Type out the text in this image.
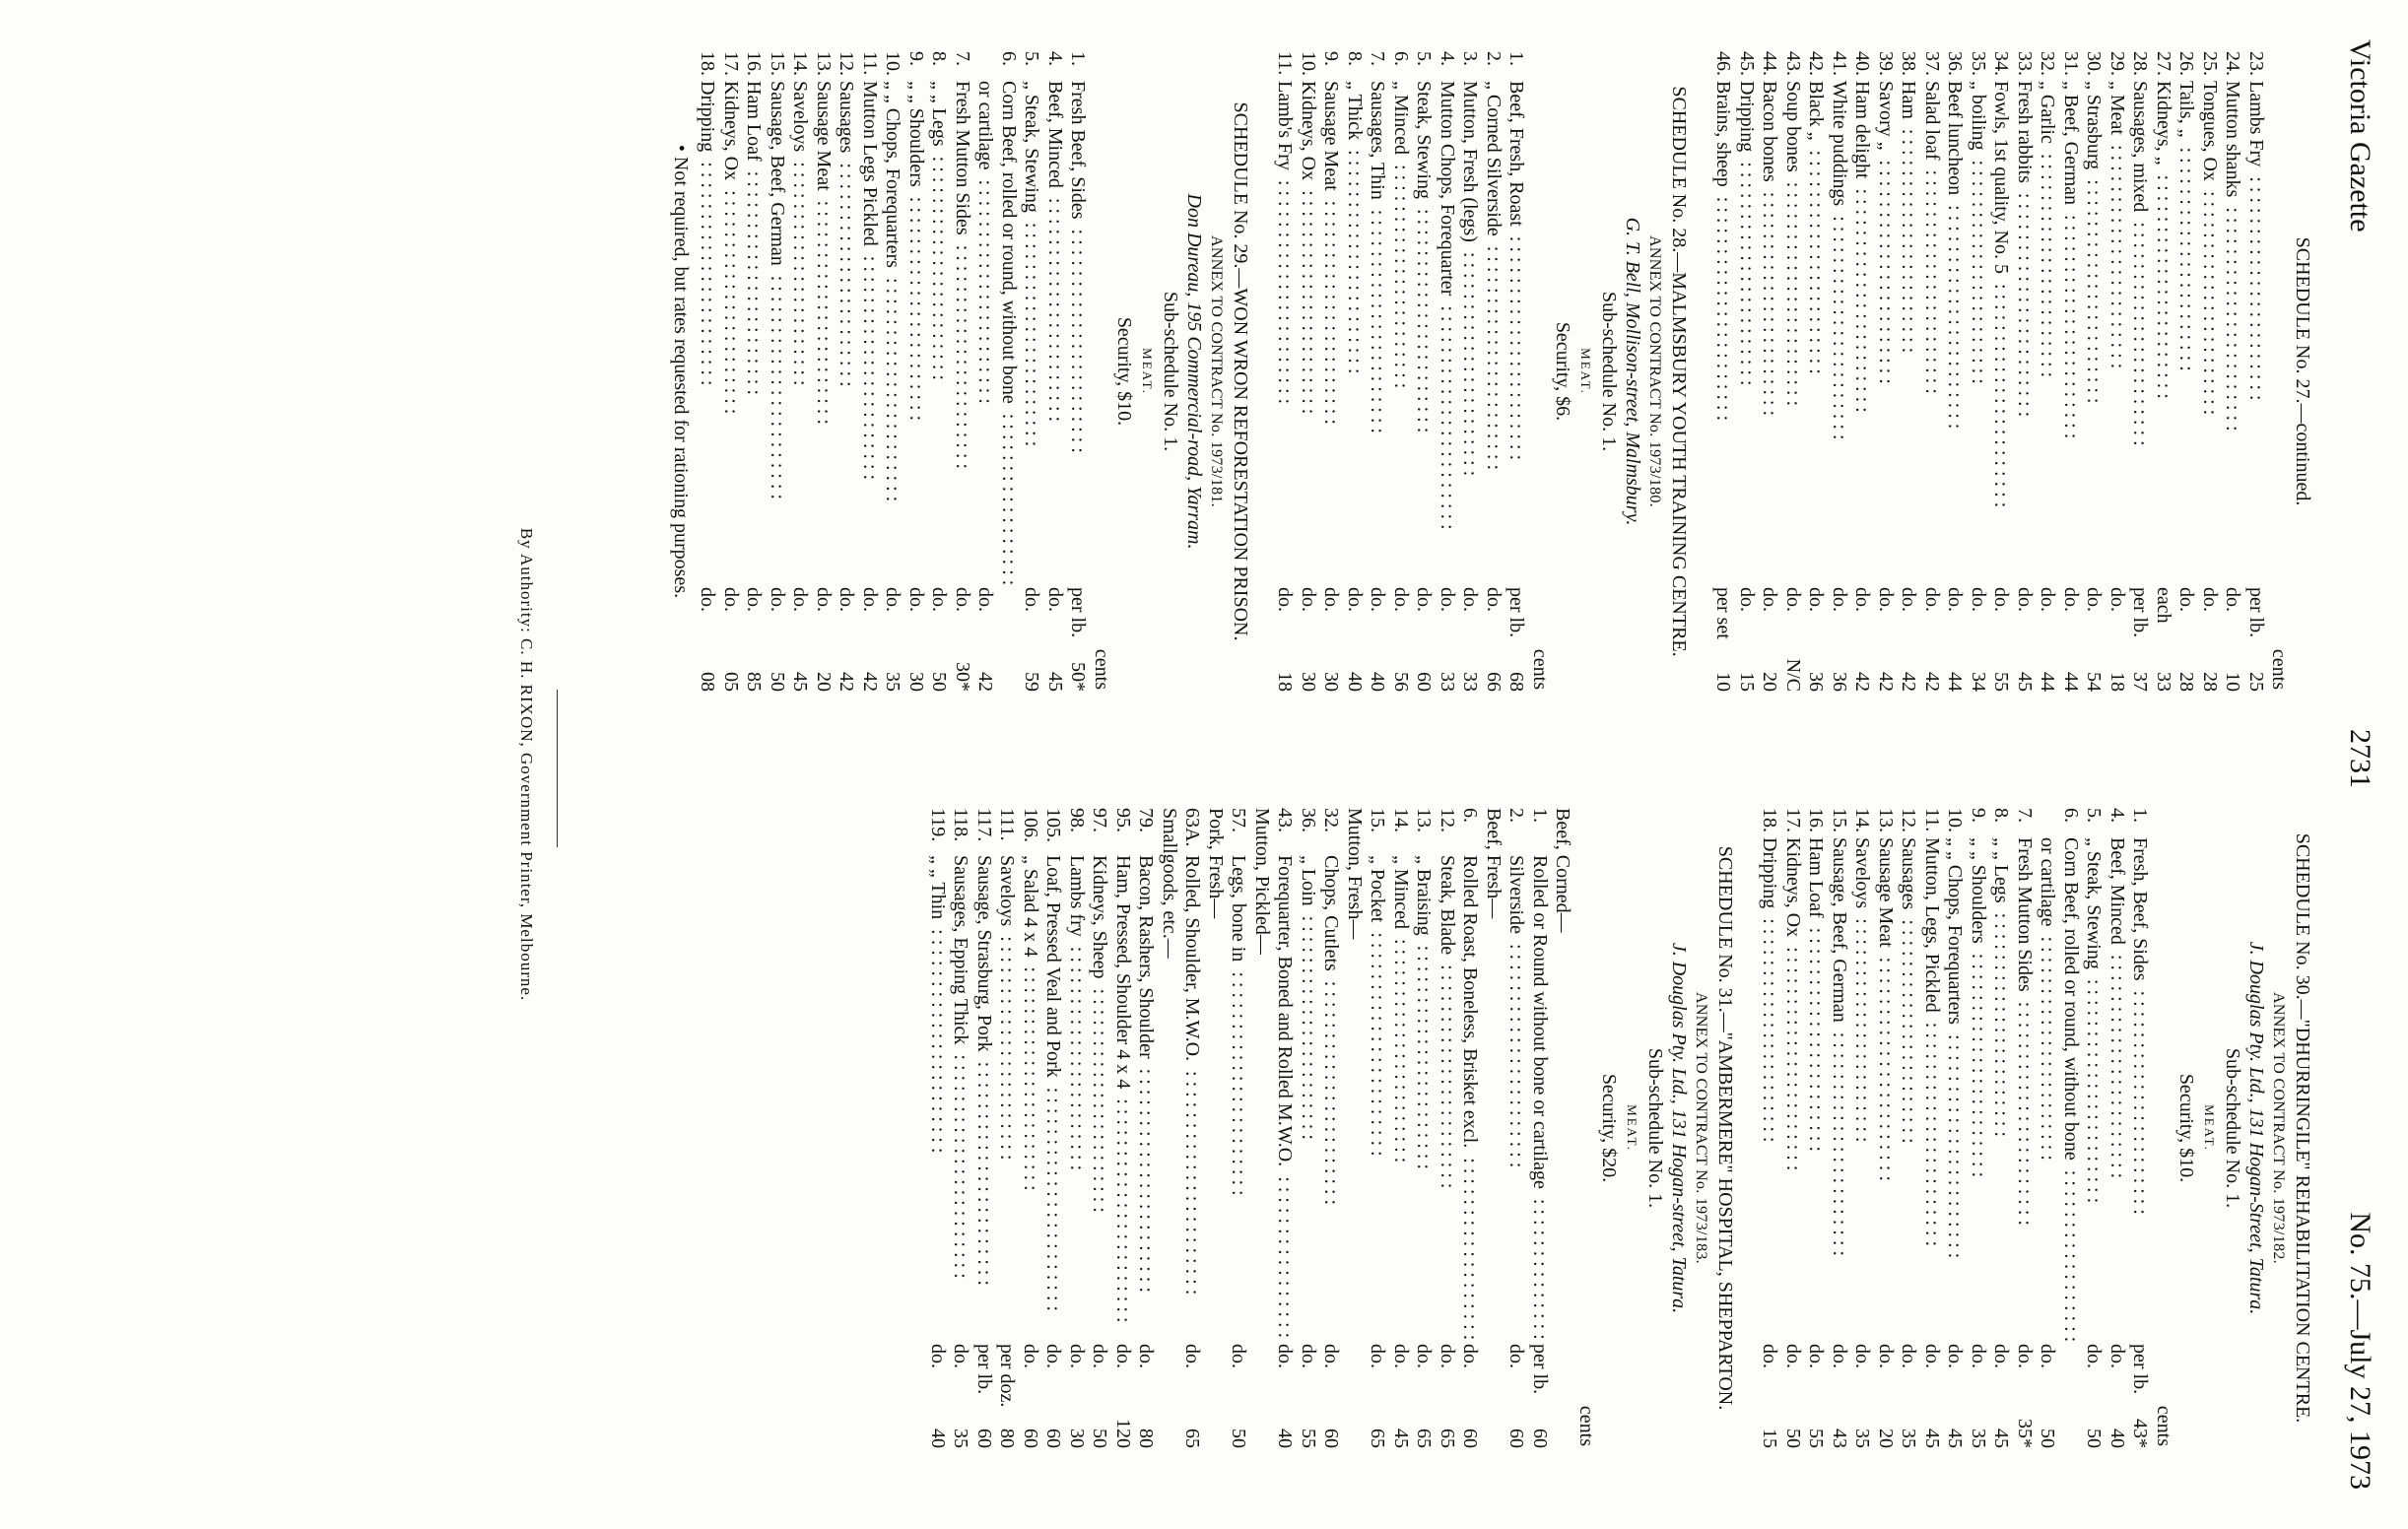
Victoria Gazette
2731
No. 75.—July 27, 1973
SCHEDULE No. 27.—continued.
cents
23.
Lambs Fry : : : : : : : : : : : : : : : : : : : : : :
per lb.
25
24.
Mutton shanks : : : : : : : : : : : : : : : : : : : : : :
do.
10
25.
Tongues, Ox : : : : : : : : : : : : : : : : : : : : : :
do.
28
26.
Tails, „ : : : : : : : : : : : : : : : : : : : : : :
do.
28
27.
Kidneys, „ : : : : : : : : : : : : : : : : : : : : : :
each
33
28.
Sausages, mixed : : : : : : : : : : : : : : : : : : : : : :
per lb.
37
29.
„ Meat : : : : : : : : : : : : : : : : : : : : : :
do.
18
30.
„ Strasburg : : : : : : : : : : : : : : : : : : : : : :
do.
54
31.
„ Beef, German : : : : : : : : : : : : : : : : : : : : : :
do.
44
32.
„ Garlic : : : : : : : : : : : : : : : : : : : : : :
do.
44
33.
Fresh rabbits : : : : : : : : : : : : : : : : : : : : : :
do.
45
34.
Fowls, 1st quality, No. 5 : : : : : : : : : : : : : : : : : : : : : :
do.
55
35.
„ boiling : : : : : : : : : : : : : : : : : : : : : :
do.
34
36.
Beef luncheon : : : : : : : : : : : : : : : : : : : : : :
do.
44
37.
Salad loaf : : : : : : : : : : : : : : : : : : : : : :
do.
42
38.
Ham : : : : : : : : : : : : : : : : : : : : : :
do.
42
39.
Savory „ : : : : : : : : : : : : : : : : : : : : : :
do.
42
40.
Ham delight : : : : : : : : : : : : : : : : : : : : : :
do.
42
41.
White puddings : : : : : : : : : : : : : : : : : : : : : :
do.
36
42.
Black „ : : : : : : : : : : : : : : : : : : : : : :
do.
36
43.
Soup bones : : : : : : : : : : : : : : : : : : : : : :
do.
N/C
44.
Bacon bones : : : : : : : : : : : : : : : : : : : : : :
do.
20
45.
Dripping : : : : : : : : : : : : : : : : : : : : : :
do.
15
46.
Brains, sheep : : : : : : : : : : : : : : : : : : : : : :
per set
10
SCHEDULE No. 28.—MALMSBURY YOUTH TRAINING CENTRE.
ANNEX TO CONTRACT No. 1973/180.
G. T. Bell, Mollison-street, Malmsbury.
Sub-schedule No. 1.
MEAT.
Security, $6.
cents
1.
Beef, Fresh, Roast : : : : : : : : : : : : : : : : : : : : : :
per lb.
68
2.
„ Corned Silverside : : : : : : : : : : : : : : : : : : : : : :
do.
66
3.
Mutton, Fresh (legs) : : : : : : : : : : : : : : : : : : : : : :
do.
33
4.
Mutton Chops, Forequarter : : : : : : : : : : : : : : : : : : : : : :
do.
33
5.
Steak, Stewing : : : : : : : : : : : : : : : : : : : : : :
do.
60
6.
„ Minced : : : : : : : : : : : : : : : : : : : : : :
do.
56
7.
Sausages, Thin : : : : : : : : : : : : : : : : : : : : : :
do.
40
8.
„ Thick : : : : : : : : : : : : : : : : : : : : : :
do.
40
9.
Sausage Meat : : : : : : : : : : : : : : : : : : : : : :
do.
30
10.
Kidneys, Ox : : : : : : : : : : : : : : : : : : : : : :
do.
30
11.
Lamb's Fry : : : : : : : : : : : : : : : : : : : : : :
do.
18
SCHEDULE No. 29.—WON WRON REFORESTATION PRISON.
ANNEX TO CONTRACT No. 1973/181.
Don Dureau, 195 Commercial-road, Yarram.
Sub-schedule No. 1.
MEAT.
Security, $10.
cents
1.
Fresh Beef, Sides : : : : : : : : : : : : : : : : : : : : : :
per lb.
50*
4.
Beef, Minced : : : : : : : : : : : : : : : : : : : : : :
do.
45
5.
„ Steak, Stewing : : : : : : : : : : : : : : : : : : : : : :
do.
59
6.
Corn Beef, rolled or round, without bone : : : : : : : : : : : : : : : : : : : : : :
or cartilage : : : : : : : : : : : : : : : : : : : : : :
do.
42
7.
Fresh Mutton Sides : : : : : : : : : : : : : : : : : : : : : :
do.
30*
8.
„ „ Legs : : : : : : : : : : : : : : : : : : : : : :
do.
50
9.
„ „ Shoulders : : : : : : : : : : : : : : : : : : : : : :
do.
30
10.
„ „ Chops, Forequarters : : : : : : : : : : : : : : : : : : : : : :
do.
35
11.
Mutton Legs Pickled : : : : : : : : : : : : : : : : : : : : : :
do.
42
12.
Sausages : : : : : : : : : : : : : : : : : : : : : :
do.
42
13.
Sausage Meat : : : : : : : : : : : : : : : : : : : : : :
do.
20
14.
Saveloys : : : : : : : : : : : : : : : : : : : : : :
do.
45
15.
Sausage, Beef, German : : : : : : : : : : : : : : : : : : : : : :
do.
50
16.
Ham Loaf : : : : : : : : : : : : : : : : : : : : : :
do.
85
17.
Kidneys, Ox : : : : : : : : : : : : : : : : : : : : : :
do.
05
18.
Dripping : : : : : : : : : : : : : : : : : : : : : :
do.
08
• Not required, but rates requested for rationing purposes.
SCHEDULE No. 30.—"DHURRINGILE" REHABILITATION CENTRE.
ANNEX TO CONTRACT No. 1973/182.
J. Douglas Pty. Ltd., 131 Hogan-Street, Tatura.
Sub-schedule No. 1.
MEAT.
Security, $10.
cents
1.
Fresh, Beef, Sides : : : : : : : : : : : : : : : : : : : : : :
per lb.
43*
4.
Beef, Minced : : : : : : : : : : : : : : : : : : : : : :
do.
40
5.
„ Steak, Stewing : : : : : : : : : : : : : : : : : : : : : :
do.
50
6.
Corn Beef, rolled or round, without bone : : : : : : : : : : : : : : : : : : : : : :
or cartilage : : : : : : : : : : : : : : : : : : : : : :
do.
50
7.
Fresh Mutton Sides : : : : : : : : : : : : : : : : : : : : : :
do.
35*
8.
„ „ Legs : : : : : : : : : : : : : : : : : : : : : :
do.
45
9.
„ „ Shoulders : : : : : : : : : : : : : : : : : : : : : :
do.
35
10.
„ „ Chops, Forequarters : : : : : : : : : : : : : : : : : : : : : :
do.
45
11.
Mutton, Legs, Pickled : : : : : : : : : : : : : : : : : : : : : :
do.
45
12.
Sausages : : : : : : : : : : : : : : : : : : : : : :
do.
35
13.
Sausage Meat : : : : : : : : : : : : : : : : : : : : : :
do.
20
14.
Saveloys : : : : : : : : : : : : : : : : : : : : : :
do.
35
15.
Sausage, Beef, German : : : : : : : : : : : : : : : : : : : : : :
do.
43
16.
Ham Loaf : : : : : : : : : : : : : : : : : : : : : :
do.
55
17.
Kidneys, Ox : : : : : : : : : : : : : : : : : : : : : :
do.
50
18.
Dripping : : : : : : : : : : : : : : : : : : : : : :
do.
15
SCHEDULE No. 31.—"AMBERMERE" HOSPITAL, SHEPPARTON.
ANNEX TO CONTRACT No. 1973/183.
J. Douglas Pty. Ltd., 131 Hogan-street, Tatura.
Sub-schedule No. 1.
MEAT.
Security, $20.
cents
Beef, Corned—
1.
Rolled or Round without bone or cartilage : : : : : : : : : : : : : : : : : : : : : :
per lb.
60
2.
Silverside : : : : : : : : : : : : : : : : : : : : : :
do.
60
Beef, Fresh—
6.
Rolled Roast, Boneless, Brisket excl. : : : : : : : : : : : : : : : : : : : : : :
do.
60
12.
Steak, Blade : : : : : : : : : : : : : : : : : : : : : :
do.
65
13.
„ Braising : : : : : : : : : : : : : : : : : : : : : :
do.
65
14.
„ Minced : : : : : : : : : : : : : : : : : : : : : :
do.
45
15.
„ Pocket : : : : : : : : : : : : : : : : : : : : : :
do.
65
Mutton, Fresh—
32.
Chops, Cutlets : : : : : : : : : : : : : : : : : : : : : :
do.
60
36.
„ Loin : : : : : : : : : : : : : : : : : : : : : :
do.
55
43.
Forequarter, Boned and Rolled M.W.O. : : : : : : : : : : : : : : : : : : : : : :
do.
40
Mutton, Pickled—
57.
Legs, bone in : : : : : : : : : : : : : : : : : : : : : :
do.
50
Pork, Fresh—
63A.
Rolled, Shoulder, M.W.O. : : : : : : : : : : : : : : : : : : : : : :
do.
65
Smallgoods, etc.—
79.
Bacon, Rashers, Shoulder : : : : : : : : : : : : : : : : : : : : : :
do.
80
95.
Ham, Pressed, Shoulder 4 x 4 : : : : : : : : : : : : : : : : : : : : : :
do.
120
97.
Kidneys, Sheep : : : : : : : : : : : : : : : : : : : : : :
do.
50
98.
Lambs fry : : : : : : : : : : : : : : : : : : : : : :
do.
30
105.
Loaf, Pressed Veal and Pork : : : : : : : : : : : : : : : : : : : : : :
do.
60
106.
„ Salad 4 x 4 : : : : : : : : : : : : : : : : : : : : : :
do.
60
111.
Saveloys : : : : : : : : : : : : : : : : : : : : : :
per doz.
80
117.
Sausage, Strasburg, Pork : : : : : : : : : : : : : : : : : : : : : :
per lb.
60
118.
Sausages, Epping Thick : : : : : : : : : : : : : : : : : : : : : :
do.
35
119.
„ „ Thin : : : : : : : : : : : : : : : : : : : : : :
do.
40
By Authority: C. H. RIXON, Government Printer, Melbourne.
